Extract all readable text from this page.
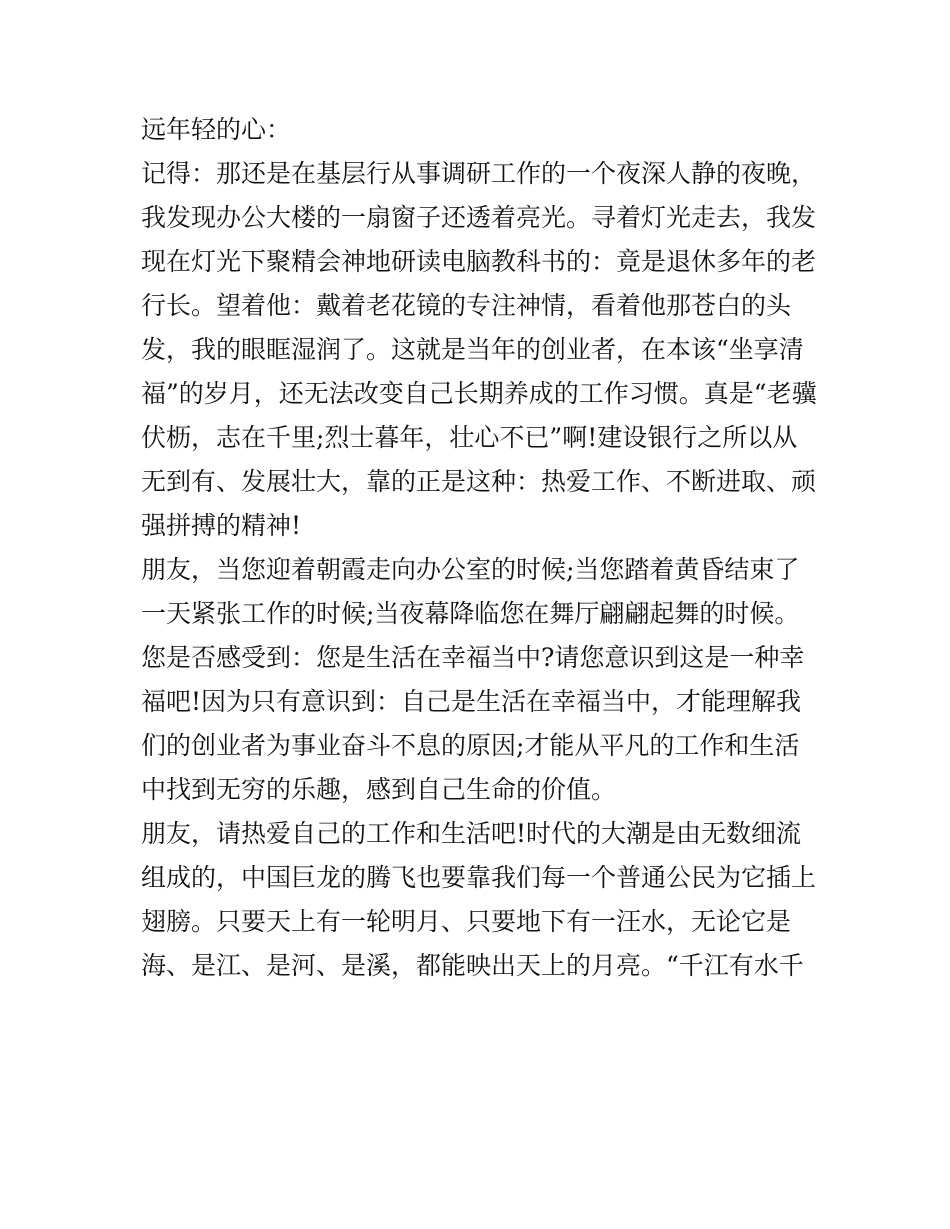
远年轻的心：
记得：那还是在基层行从事调研工作的一个夜深人静的夜晚，
我发现办公大楼的一扇窗子还透着亮光。寻着灯光走去，我发
现在灯光下聚精会神地研读电脑教科书的：竟是退休多年的老
行长。望着他：戴着老花镜的专注神情，看着他那苍白的头
发，我的眼眶湿润了。这就是当年的创业者，在本该“坐享清
福”的岁月，还无法改变自己长期养成的工作习惯。真是“老骥
伏枥，志在千里;烈士暮年，壮心不已”啊!建设银行之所以从
无到有、发展壮大，靠的正是这种：热爱工作、不断进取、顽
强拼搏的精神!
朋友，当您迎着朝霞走向办公室的时候;当您踏着黄昏结束了
一天紧张工作的时候;当夜幕降临您在舞厅翩翩起舞的时候。
您是否感受到：您是生活在幸福当中?请您意识到这是一种幸
福吧!因为只有意识到：自己是生活在幸福当中，才能理解我
们的创业者为事业奋斗不息的原因;才能从平凡的工作和生活
中找到无穷的乐趣，感到自己生命的价值。
朋友，请热爱自己的工作和生活吧!时代的大潮是由无数细流
组成的，中国巨龙的腾飞也要靠我们每一个普通公民为它插上
翅膀。只要天上有一轮明月、只要地下有一汪水，无论它是
海、是江、是河、是溪，都能映出天上的月亮。“千江有水千
